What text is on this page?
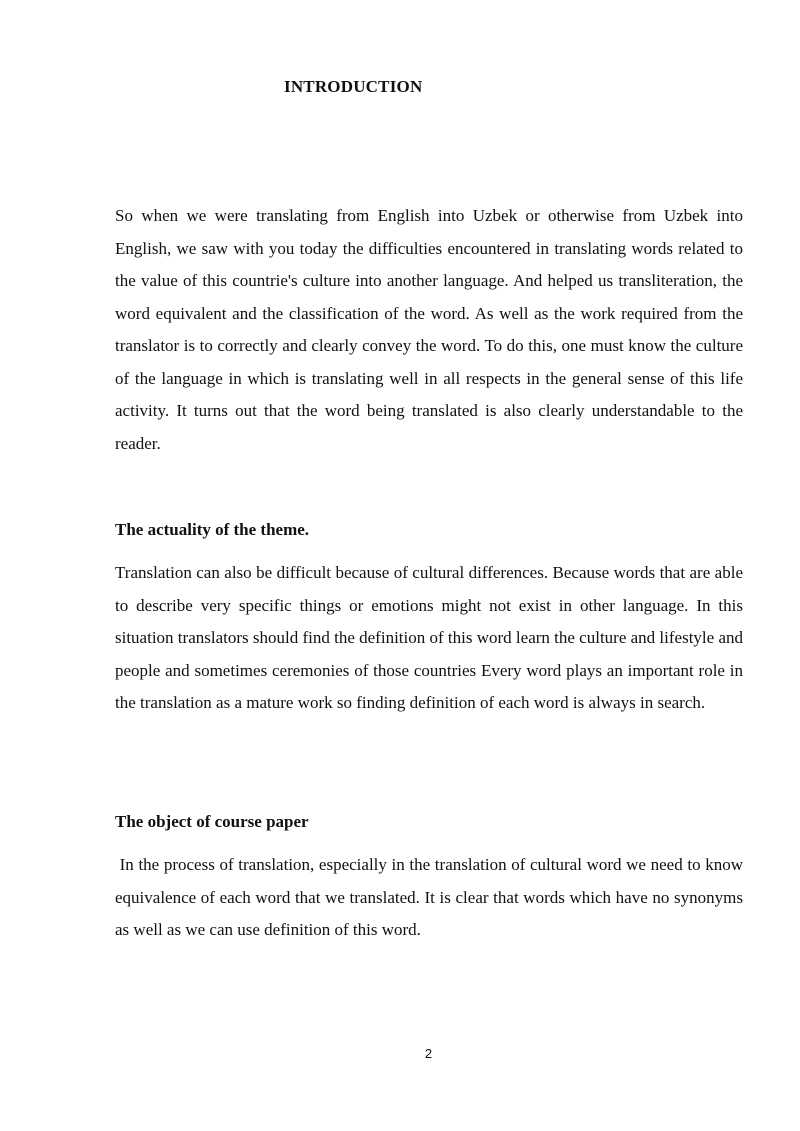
INTRODUCTION

So when we were translating from English into Uzbek or otherwise from Uzbek into English, we saw with you today the difficulties encountered in translating words related to the value of this countrie's culture into another language. And helped us transliteration, the word equivalent and the classification of the word. As well as the work required from the translator is to correctly and clearly convey the word. To do this, one must know the culture of the language in which is translating well in all respects in the general sense of this life activity. It turns out that the word being translated is also clearly understandable to the reader.

The actuality of the theme.

Translation can also be difficult because of cultural differences. Because words that are able to describe very specific things or emotions might not exist in other language. In this situation translators should find the definition of this word learn the culture and lifestyle and people and sometimes ceremonies of those countries Every word plays an important role in the translation as a mature work so finding definition of each word is always in search.

The object of course paper

In the process of translation, especially in the translation of cultural word we need to know equivalence of each word that we translated. It is clear that words which have no synonyms as well as we can use definition of this word.

2
